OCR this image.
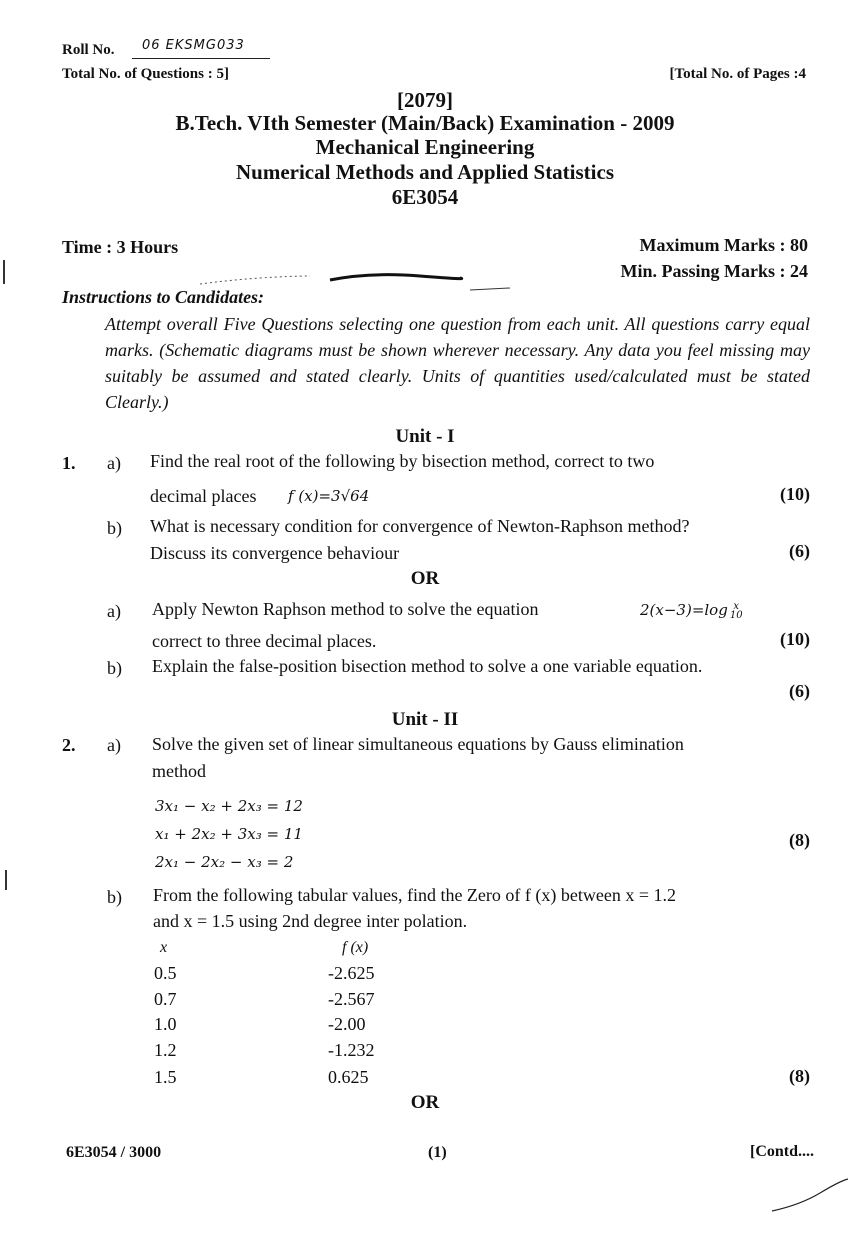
Roll No. 06 EKSMG033
Total No. of Questions : 5]	[Total No. of Pages :4
[2079]
B.Tech. VIth Semester (Main/Back) Examination - 2009
Mechanical Engineering
Numerical Methods and Applied Statistics
6E3054
Time : 3 Hours	Maximum Marks : 80
Min. Passing Marks : 24
Instructions to Candidates:
Attempt overall Five Questions selecting one question from each unit. All questions carry equal marks. (Schematic diagrams must be shown wherever necessary. Any data you feel missing may suitably be assumed and stated clearly. Units of quantities used/calculated must be stated Clearly.)
Unit - I
1. a) Find the real root of the following by bisection method, correct to two
decimal places f (x)=3√64	(10)
b) What is necessary condition for convergence of Newton-Raphson method?
Discuss its convergence behaviour	(6)
OR
a) Apply Newton Raphson method to solve the equation	2(x−3)=log x
10
correct to three decimal places.	(10)
b) Explain the false-position bisection method to solve a one variable equation.
(6)
Unit - II
2. a) Solve the given set of linear simultaneous equations by Gauss elimination
method
3x₁ − x₂ + 2x₃ = 12
x₁ + 2x₂ + 3x₃ = 11
2x₁ − 2x₂ − x₃ = 2
(8)
b) From the following tabular values, find the Zero of f (x) between x = 1.2
and x = 1.5 using 2nd degree inter polation.
x	f (x)
0.5	-2.625
0.7	-2.567
1.0	-2.00
1.2	-1.232
1.5	0.625	(8)
OR
6E3054 / 3000	(1)	[Contd....
